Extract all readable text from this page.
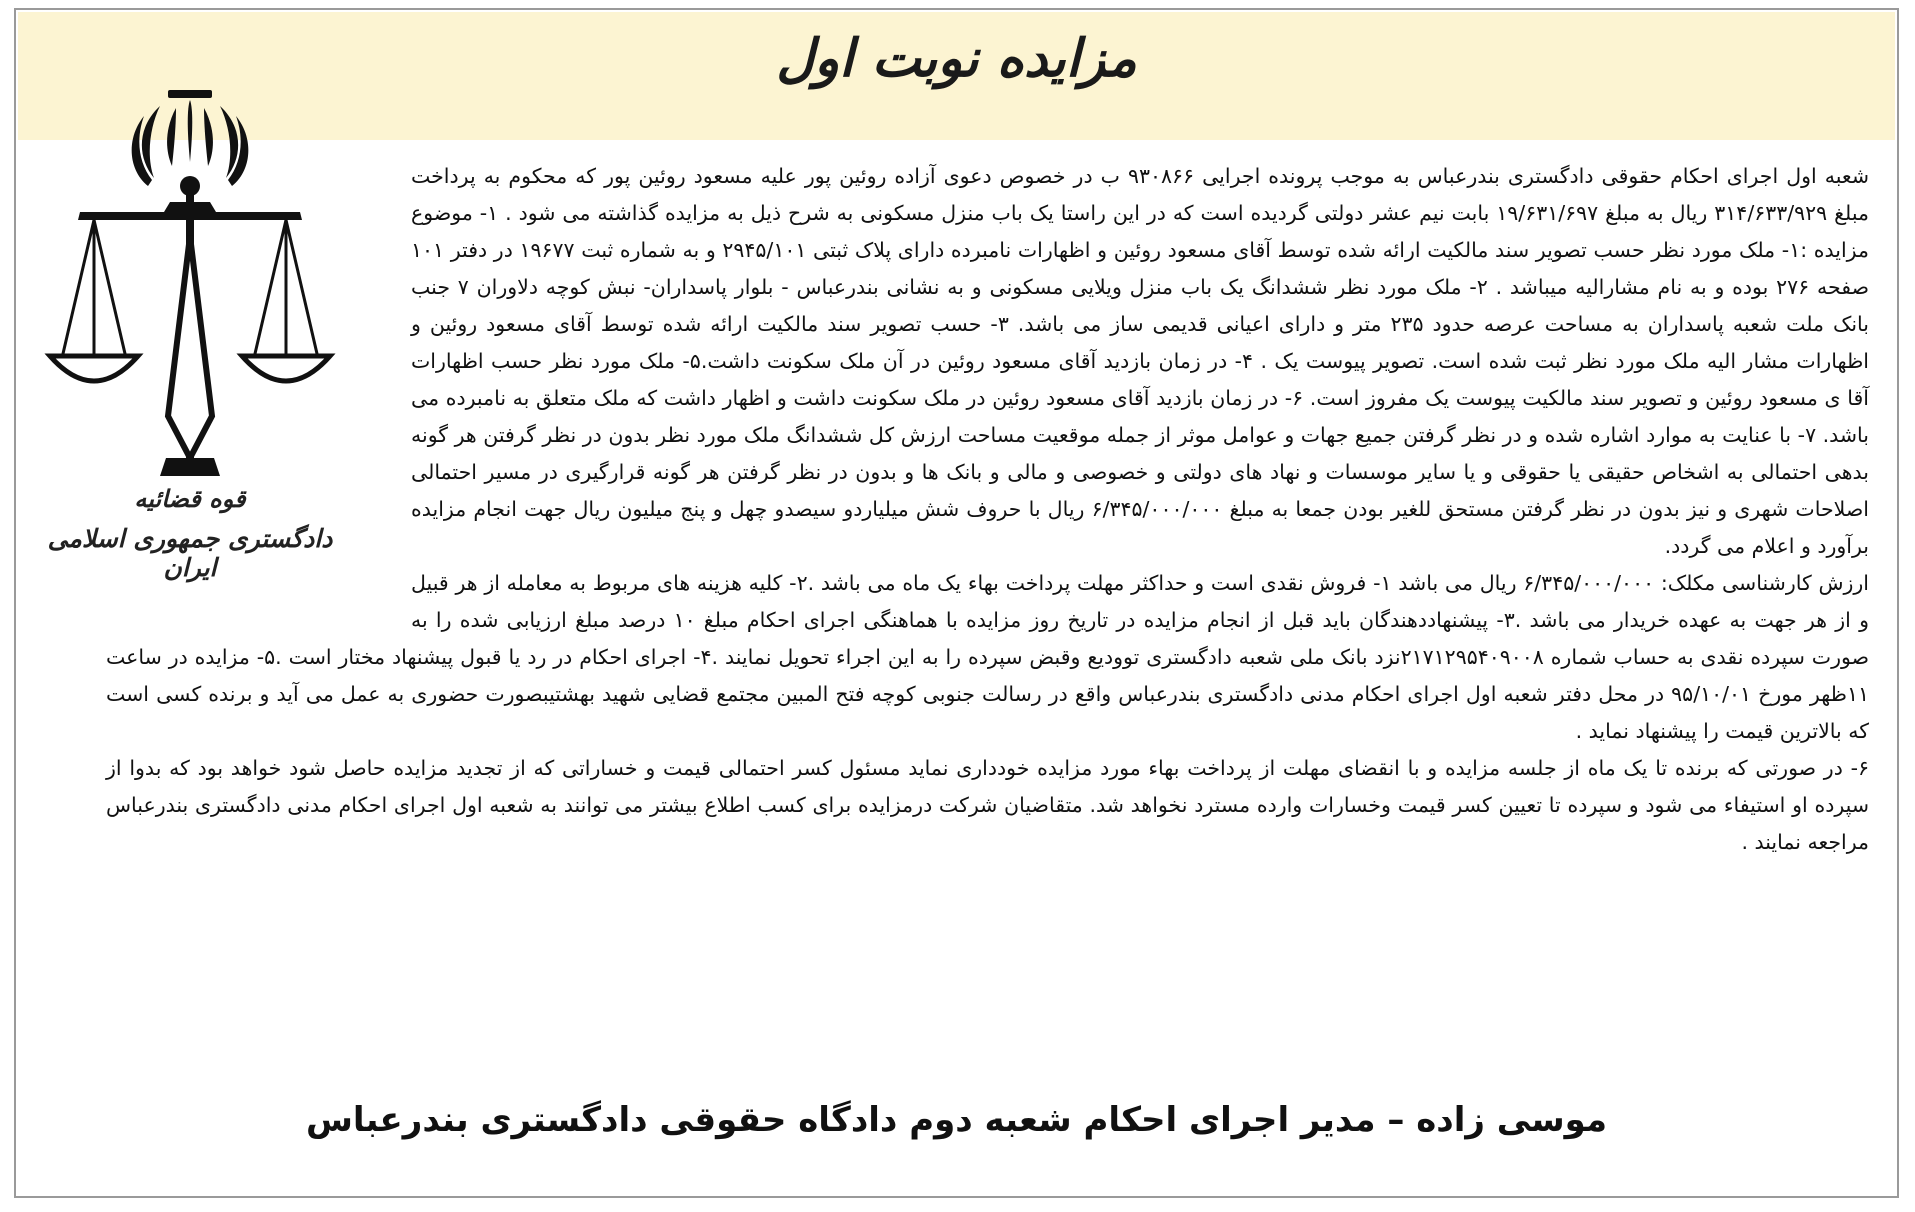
مزایده نوبت اول
قوه قضائیه
دادگستری جمهوری اسلامی ایران

شعبه اول اجرای احکام حقوقی دادگستری بندرعباس به موجب پرونده اجرایی ۹۳۰۸۶۶ ب در خصوص دعوی آزاده روئین پور علیه مسعود روئین پور که محکوم به پرداخت مبلغ ۳۱۴/۶۳۳/۹۲۹ ریال به مبلغ ۱۹/۶۳۱/۶۹۷ بابت نیم عشر دولتی گردیده است که در این راستا یک باب منزل مسکونی به شرح ذیل به مزایده گذاشته می شود . ۱- موضوع مزایده :۱- ملک مورد نظر حسب تصویر سند مالکیت ارائه شده توسط آقای مسعود روئین و اظهارات نامبرده دارای پلاک ثبتی ۲۹۴۵/۱۰۱ و به شماره ثبت ۱۹۶۷۷ در دفتر ۱۰۱ صفحه ۲۷۶ بوده و به نام مشارالیه میباشد . ۲- ملک مورد نظر ششدانگ یک باب منزل ویلایی مسکونی و به نشانی بندرعباس - بلوار پاسداران- نبش کوچه دلاوران ۷ جنب بانک ملت شعبه پاسداران به مساحت عرصه حدود ۲۳۵ متر و دارای اعیانی قدیمی ساز می باشد. ۳- حسب تصویر سند مالکیت ارائه شده توسط آقای مسعود روئین و اظهارات مشار الیه ملک مورد نظر ثبت شده است. تصویر پیوست یک . ۴- در زمان بازدید آقای مسعود روئین در آن ملک سکونت داشت.۵- ملک مورد نظر حسب اظهارات آقا ی مسعود روئین و تصویر سند مالکیت پیوست یک مفروز است. ۶- در زمان بازدید آقای مسعود روئین در ملک سکونت داشت و اظهار داشت که ملک متعلق به نامبرده می باشد. ۷- با عنایت به موارد اشاره شده و در نظر گرفتن جمیع جهات و عوامل موثر از جمله موقعیت مساحت ارزش کل ششدانگ ملک مورد نظر بدون در نظر گرفتن هر گونه بدهی احتمالی به اشخاص حقیقی یا حقوقی و یا سایر موسسات و نهاد های دولتی و خصوصی و مالی و بانک ها و بدون در نظر گرفتن هر گونه قرارگیری در مسیر احتمالی اصلاحات شهری و نیز بدون در نظر گرفتن مستحق للغیر بودن جمعا به مبلغ ۶/۳۴۵/۰۰۰/۰۰۰ ریال با حروف شش میلیاردو سیصدو چهل و پنج میلیون ریال جهت انجام مزایده برآورد و اعلام می گردد.

ارزش کارشناسی مکلک: ۶/۳۴۵/۰۰۰/۰۰۰ ریال می باشد ۱- فروش نقدی است و حداکثر مهلت پرداخت بهاء یک ماه می باشد .۲- کلیه هزینه های مربوط به معامله از هر قبیل و از هر جهت به عهده خریدار می باشد .۳- پیشنهاددهندگان باید قبل از انجام مزایده در تاریخ روز مزایده با هماهنگی اجرای احکام مبلغ ۱۰ درصد مبلغ ارزیابی شده را به صورت سپرده نقدی به حساب شماره ۲۱۷۱۲۹۵۴۰۹۰۰۸نزد بانک ملی شعبه دادگستری توودیع وقبض سپرده را به این اجراء تحویل نمایند .۴- اجرای احکام در رد یا قبول پیشنهاد مختار است .۵- مزایده در ساعت ۱۱ظهر مورخ ۹۵/۱۰/۰۱ در محل دفتر شعبه اول اجرای احکام مدنی دادگستری بندرعباس واقع در رسالت جنوبی کوچه فتح المبین مجتمع قضایی شهید بهشتیبصورت حضوری به عمل می آید و برنده کسی است که بالاترین قیمت را پیشنهاد نماید .

۶- در صورتی که برنده تا یک ماه از جلسه مزایده و با انقضای مهلت از پرداخت بهاء مورد مزایده خودداری نماید مسئول کسر احتمالی قیمت و خساراتی که از تجدید مزایده حاصل شود خواهد بود که بدوا از سپرده او استیفاء می شود و سپرده تا تعیین کسر قیمت وخسارات وارده مسترد نخواهد شد. متقاضیان شرکت درمزایده برای کسب اطلاع بیشتر می توانند به شعبه اول اجرای احکام مدنی دادگستری بندرعباس مراجعه نمایند .

موسی زاده – مدیر اجرای احکام شعبه دوم دادگاه حقوقی دادگستری بندرعباس
